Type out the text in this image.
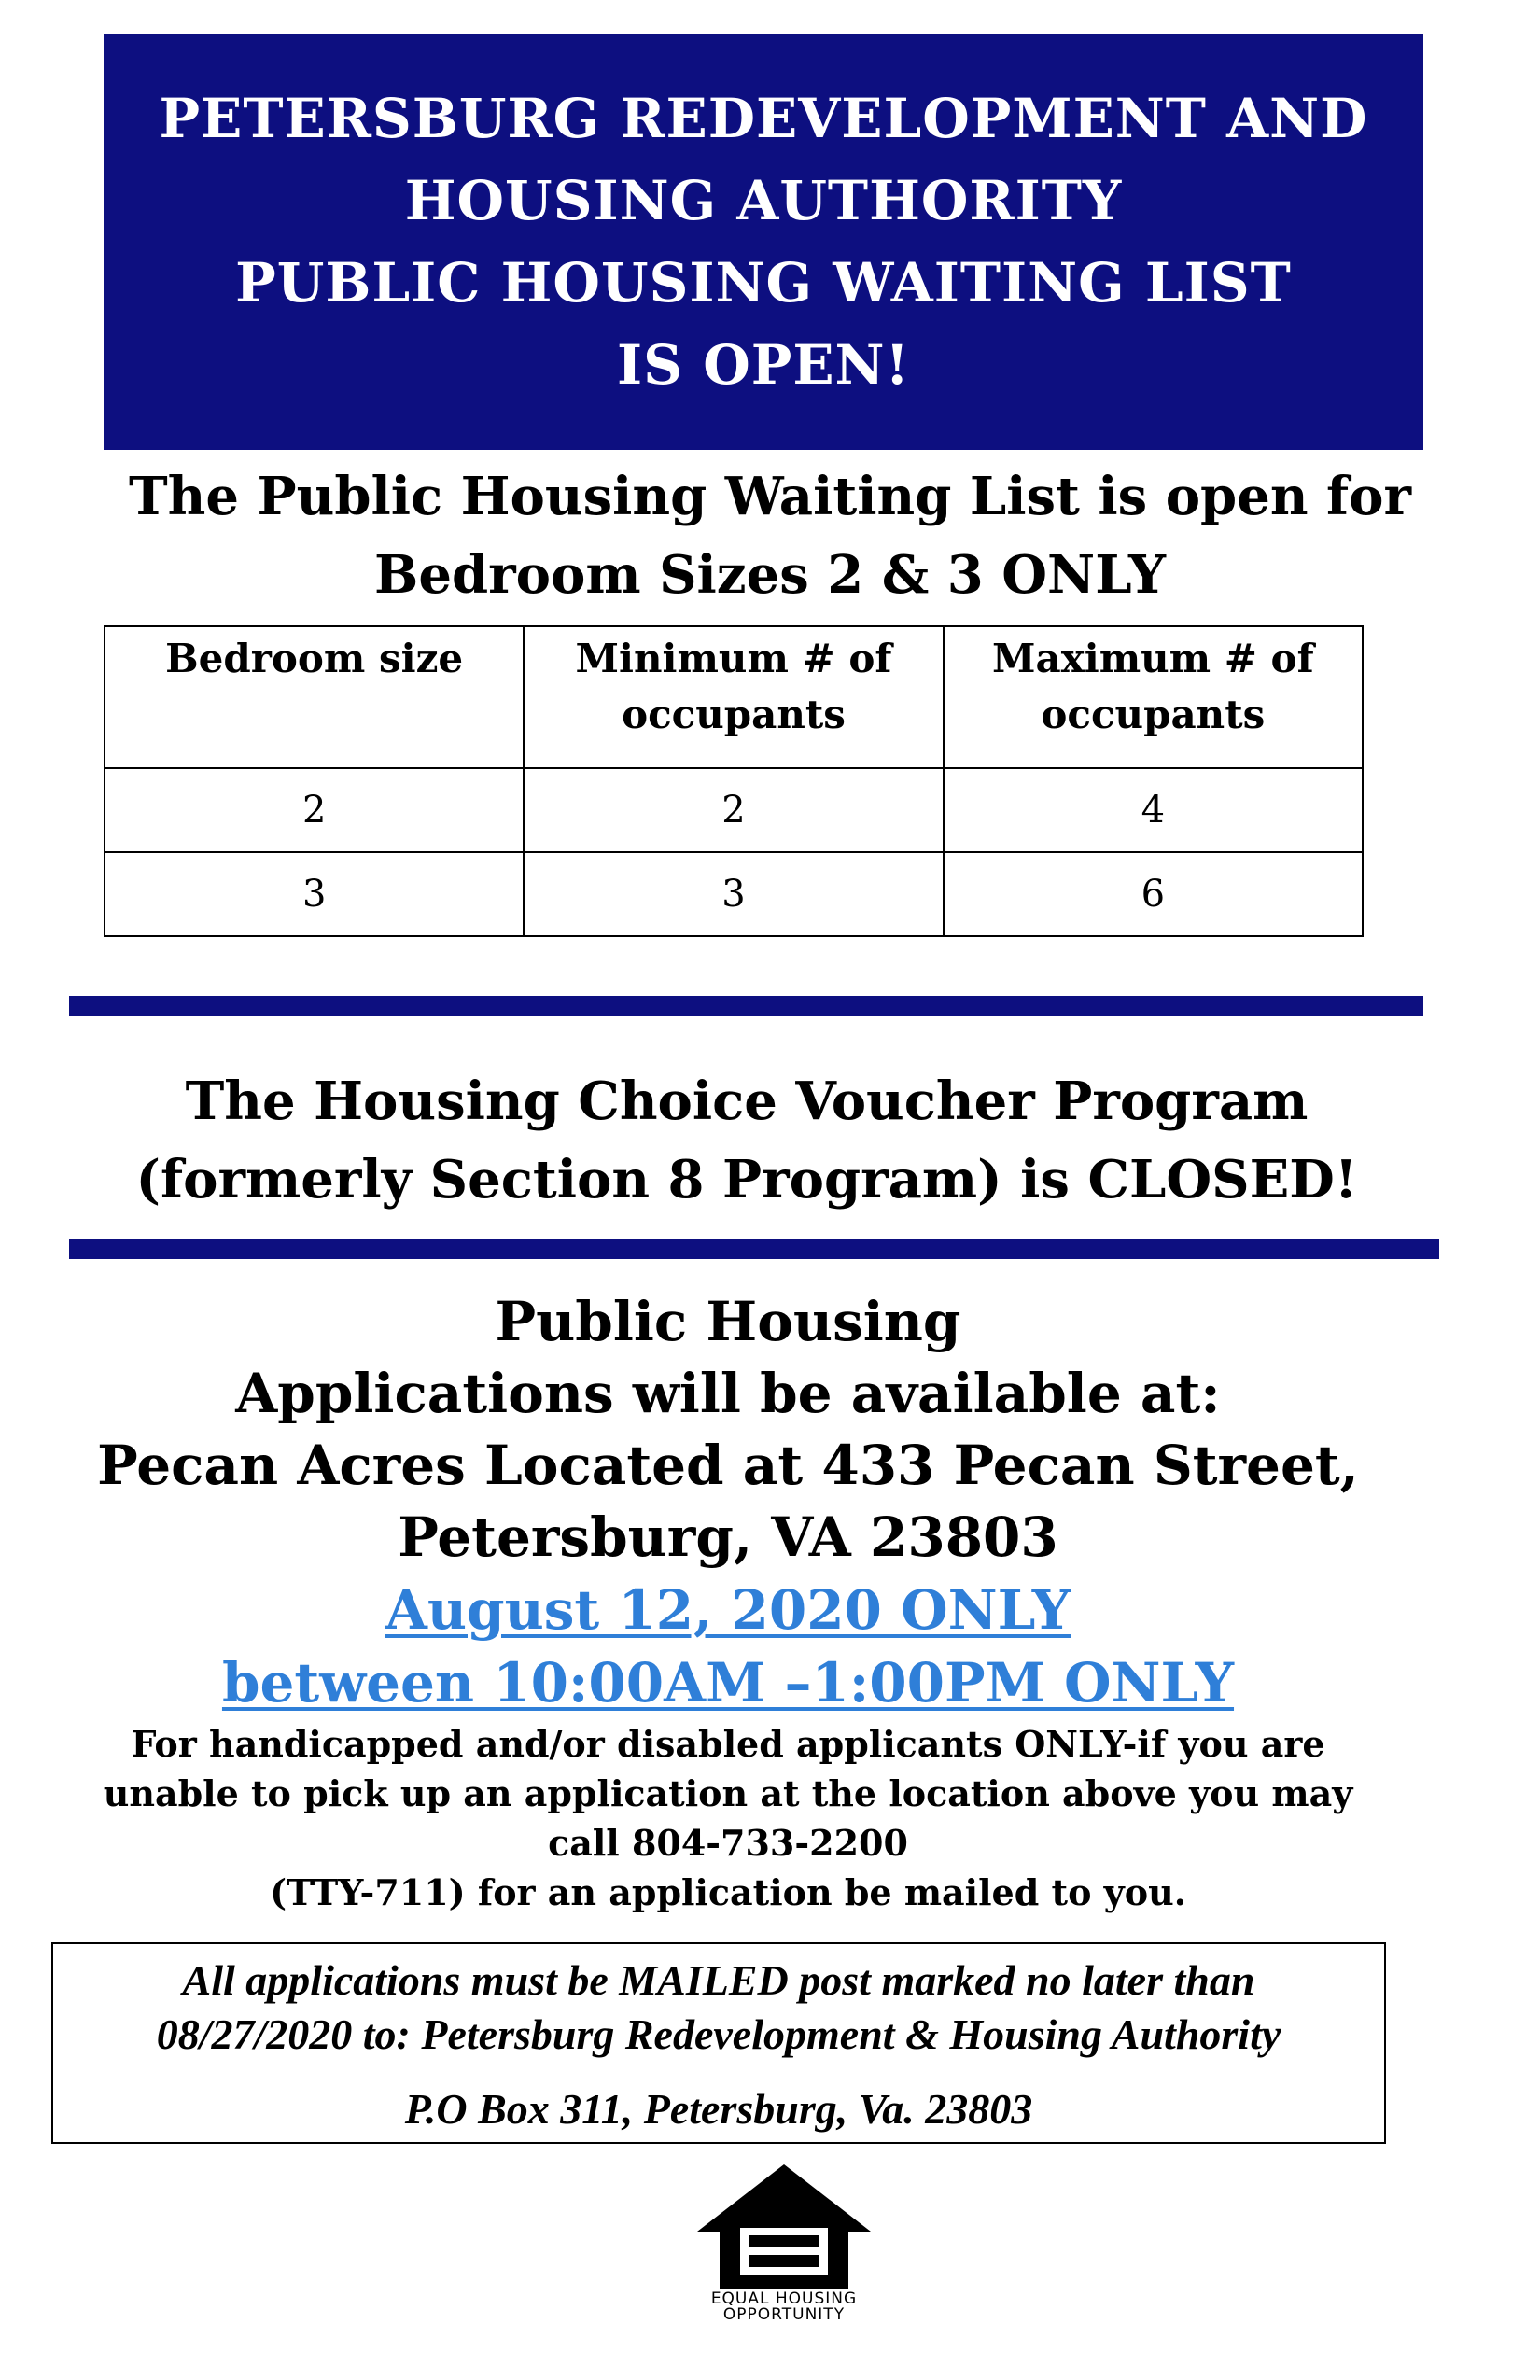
PETERSBURG REDEVELOPMENT AND
HOUSING AUTHORITY
PUBLIC HOUSING WAITING LIST
IS OPEN!
The Public Housing Waiting List is open for
Bedroom Sizes 2 & 3 ONLY
Bedroom size	Minimum # of occupants	Maximum # of occupants
2	2	4
3	3	6
The Housing Choice Voucher Program
(formerly Section 8 Program) is CLOSED!
Public Housing
Applications will be available at:
Pecan Acres Located at 433 Pecan Street,
Petersburg, VA 23803
August 12, 2020 ONLY
between 10:00AM –1:00PM ONLY
For handicapped and/or disabled applicants ONLY-if you are
unable to pick up an application at the location above you may
call 804-733-2200
(TTY-711) for an application be mailed to you.
All applications must be MAILED post marked no later than
08/27/2020 to: Petersburg Redevelopment & Housing Authority
P.O Box 311, Petersburg, Va. 23803
EQUAL HOUSING
OPPORTUNITY
